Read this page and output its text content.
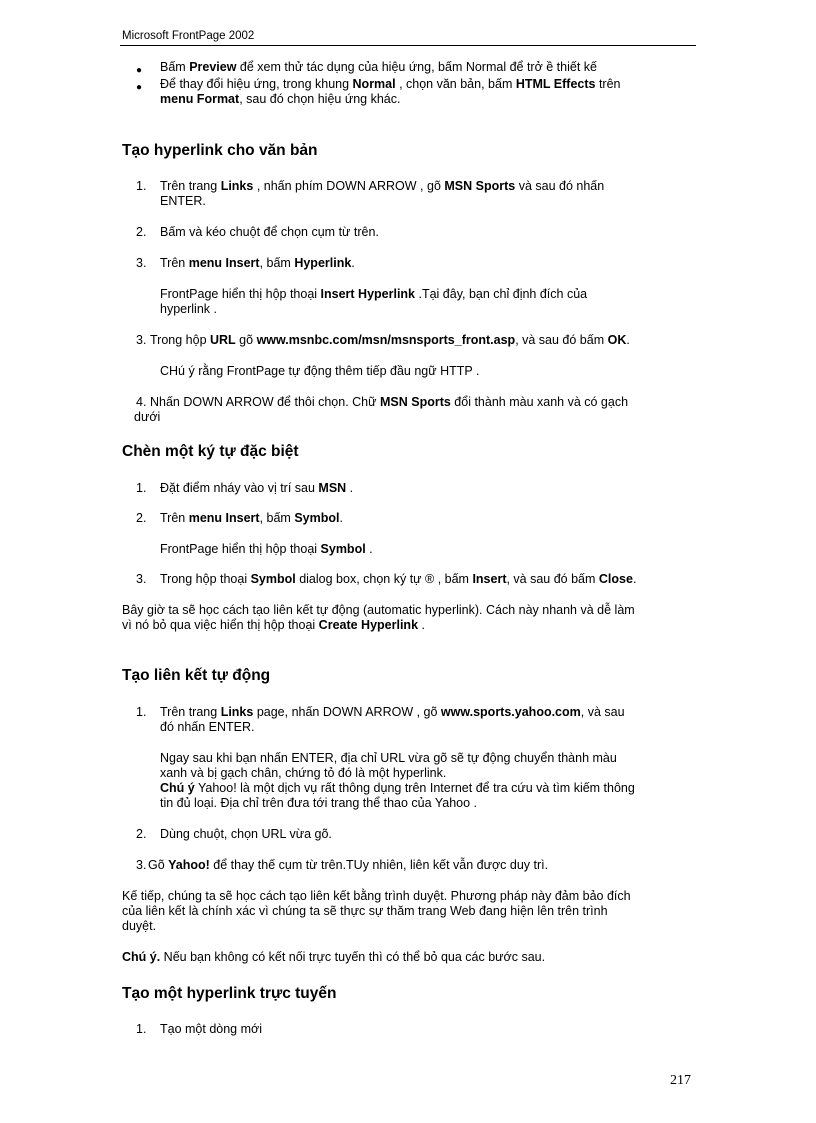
Microsoft FrontPage 2002
● Bấm Preview để xem thử tác dụng của hiệu ứng, bấm Normal để trở ề thiết kế
● Để thay đổi hiệu ứng, trong khung Normal , chọn văn bản, bấm HTML Effects trên
menu Format, sau đó chọn hiệu ứng khác.
Tạo hyperlink cho văn bản
1. Trên trang Links , nhấn phím DOWN ARROW , gõ MSN Sports và sau đó nhấn
ENTER.
2. Bấm và kéo chuột để chọn cụm từ trên.
3. Trên menu Insert, bấm Hyperlink.
FrontPage hiển thị hộp thoại Insert Hyperlink .Tại đây, bạn chỉ định đích của
hyperlink .
3. Trong hộp URL gõ www.msnbc.com/msn/msnsports_front.asp, và sau đó bấm OK.
CHú ý rằng FrontPage tự động thêm tiếp đầu ngữ HTTP .
4. Nhấn DOWN ARROW để thôi chọn. Chữ MSN Sports đổi thành màu xanh và có gạch
dưới
Chèn một ký tự đặc biệt
1. Đặt điểm nháy vào vị trí sau MSN .
2. Trên menu Insert, bấm Symbol.
FrontPage hiển thị hộp thoại Symbol .
3. Trong hộp thoại Symbol dialog box, chọn ký tự ® , bấm Insert, và sau đó bấm Close.
Bây giờ ta sẽ học cách tạo liên kết tự động (automatic hyperlink). Cách này nhanh và dễ làm
vì nó bỏ qua việc hiển thị hộp thoại Create Hyperlink .
Tạo liên kết tự động
1. Trên trang Links page, nhấn DOWN ARROW , gõ www.sports.yahoo.com, và sau
đó nhấn ENTER.
Ngay sau khi bạn nhấn ENTER, địa chỉ URL vừa gõ sẽ tự động chuyển thành màu
xanh và bị gạch chân, chứng tỏ đó là một hyperlink.
Chú ý Yahoo! là một dịch vụ rất thông dụng trên Internet để tra cứu và tìm kiếm thông
tin đủ loại. Địa chỉ trên đưa tới trang thể thao của Yahoo .
2. Dùng chuột, chọn URL vừa gõ.
3. Gõ Yahoo! để thay thế cụm từ trên.TUy nhiên, liên kết vẫn được duy trì.
Kế tiếp, chúng ta sẽ học cách tạo liên kết bằng trình duyệt. Phương pháp này đảm bảo đích
của liên kết là chính xác vì chúng ta sẽ thực sự thăm trang Web đang hiện lên trên trình
duyệt.
Chú ý. Nếu bạn không có kết nối trực tuyến thì có thể bỏ qua các bước sau.
Tạo một hyperlink trực tuyến
1. Tạo một dòng mới
217
